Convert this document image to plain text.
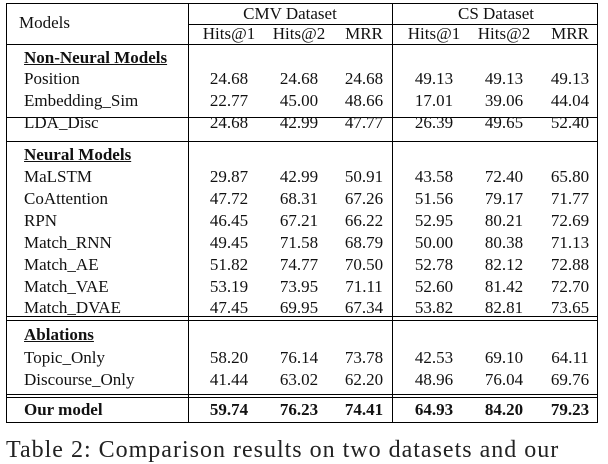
Models	CMV Dataset	CS Dataset
Hits@1	Hits@2	MRR	Hits@1	Hits@2	MRR
Non-Neural Models
Position	24.68	24.68	24.68	49.13	49.13	49.13
Embedding_Sim	22.77	45.00	48.66	17.01	39.06	44.04
LDA_Disc	24.68	42.99	47.77	26.39	49.65	52.40
Neural Models
MaLSTM	29.87	42.99	50.91	43.58	72.40	65.80
CoAttention	47.72	68.31	67.26	51.56	79.17	71.77
RPN	46.45	67.21	66.22	52.95	80.21	72.69
Match_RNN	49.45	71.58	68.79	50.00	80.38	71.13
Match_AE	51.82	74.77	70.50	52.78	82.12	72.88
Match_VAE	53.19	73.95	71.11	52.60	81.42	72.70
Match_DVAE	47.45	69.95	67.34	53.82	82.81	73.65
Ablations
Topic_Only	58.20	76.14	73.78	42.53	69.10	64.11
Discourse_Only	41.44	63.02	62.20	48.96	76.04	69.76
Our model	59.74	76.23	74.41	64.93	84.20	79.23
Table 2: Comparison results on two datasets and our
